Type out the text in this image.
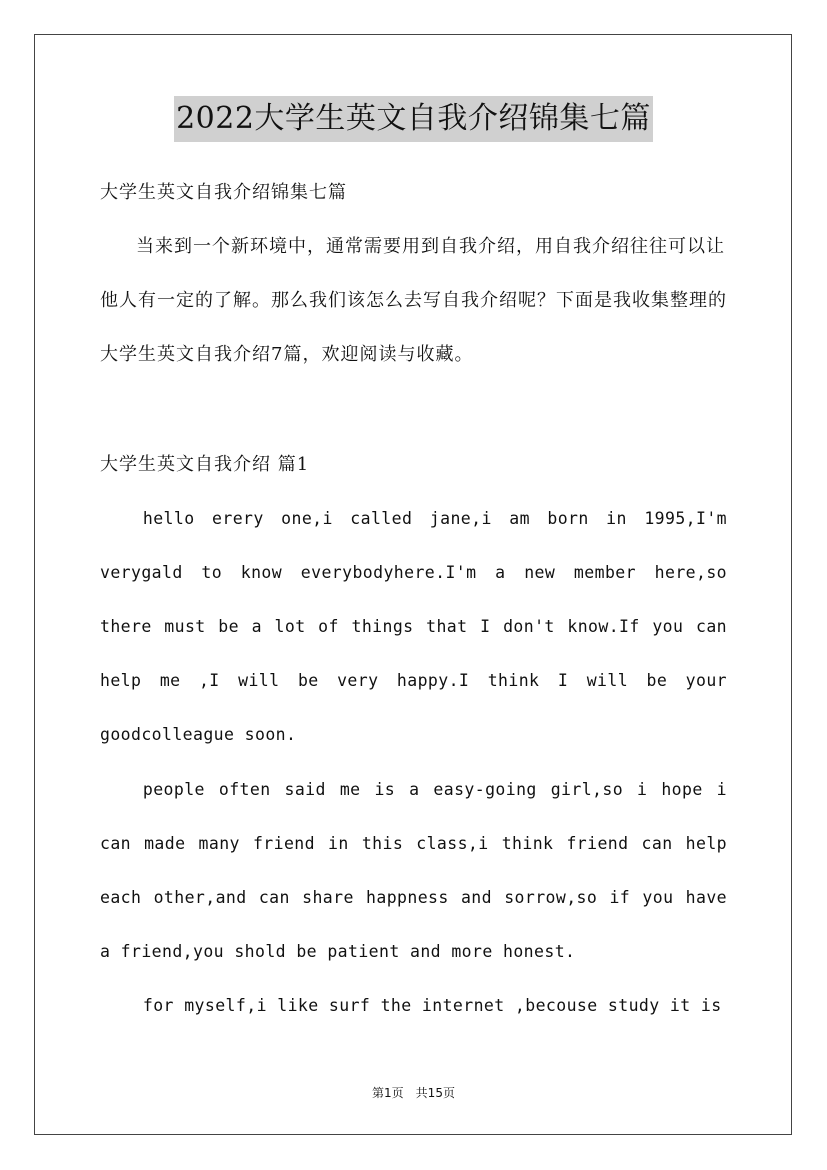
2022大学生英文自我介绍锦集七篇
大学生英文自我介绍锦集七篇

当来到一个新环境中，通常需要用到自我介绍，用自我介绍往往可以让他人有一定的了解。那么我们该怎么去写自我介绍呢？下面是我收集整理的大学生英文自我介绍7篇，欢迎阅读与收藏。

大学生英文自我介绍 篇1

hello erery one,i called jane,i am born in 1995,I'm verygald to know everybodyhere.I'm a new member here,so there must be a lot of things that I don't know.If you can help me ,I will be very happy.I think I will be your goodcolleague soon.

people often said me is a easy-going girl,so i hope i can made many friend in this class,i think friend can help each other,and can share happness and sorrow,so if you have a friend,you shold be patient and more honest.

for myself,i like surf the internet ,becouse study it is

第1页　共15页
